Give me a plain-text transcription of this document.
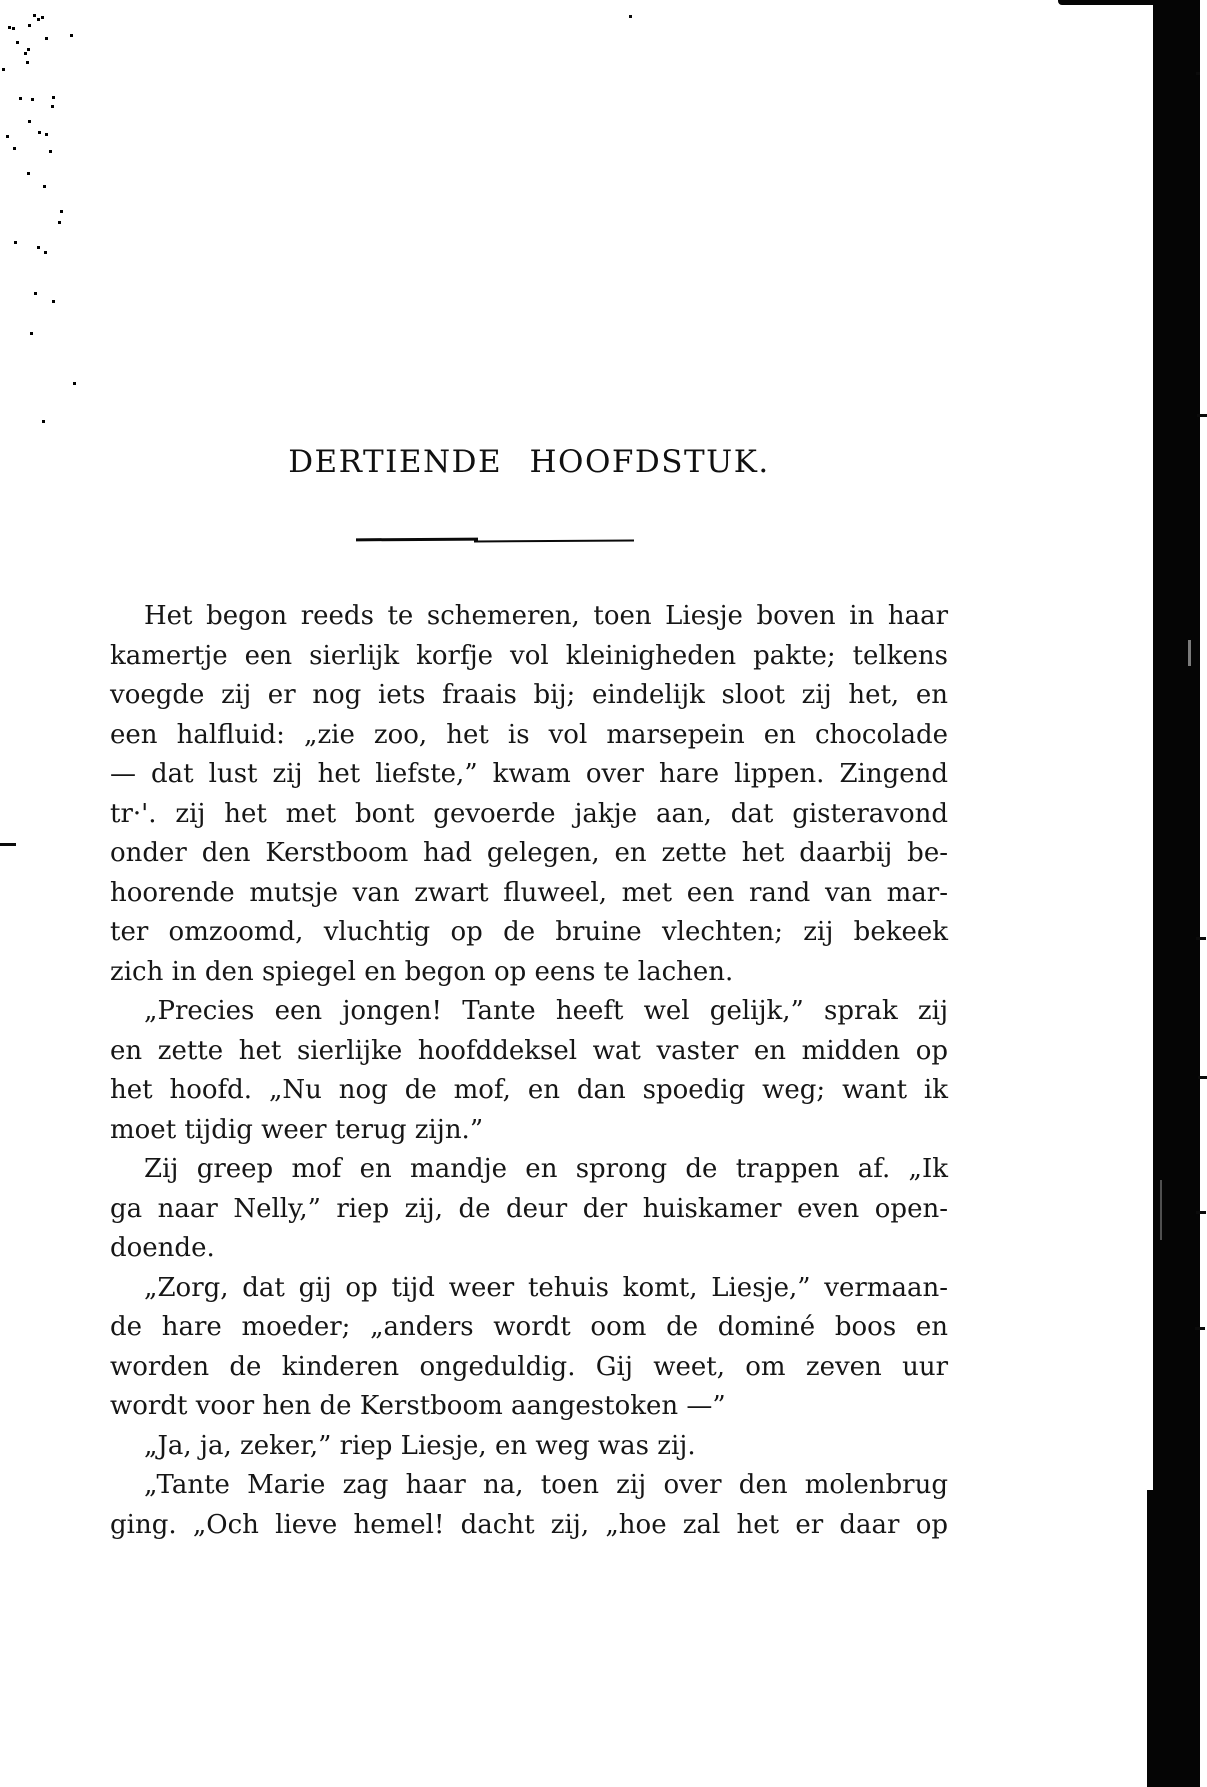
DERTIENDE HOOFDSTUK.
Het begon reeds te schemeren, toen Liesje boven in haar
kamertje een sierlijk korfje vol kleinigheden pakte; telkens
voegde zij er nog iets fraais bij; eindelijk sloot zij het, en
een halfluid: „zie zoo, het is vol marsepein en chocolade
— dat lust zij het liefste,” kwam over hare lippen. Zingend
tr·'. zij het met bont gevoerde jakje aan, dat gisteravond
onder den Kerstboom had gelegen, en zette het daarbij be-
hoorende mutsje van zwart fluweel, met een rand van mar-
ter omzoomd, vluchtig op de bruine vlechten; zij bekeek
zich in den spiegel en begon op eens te lachen.
„Precies een jongen! Tante heeft wel gelijk,” sprak zij
en zette het sierlijke hoofddeksel wat vaster en midden op
het hoofd. „Nu nog de mof, en dan spoedig weg; want ik
moet tijdig weer terug zijn.”
Zij greep mof en mandje en sprong de trappen af. „Ik
ga naar Nelly,” riep zij, de deur der huiskamer even open-
doende.
„Zorg, dat gij op tijd weer tehuis komt, Liesje,” vermaan-
de hare moeder; „anders wordt oom de dominé boos en
worden de kinderen ongeduldig. Gij weet, om zeven uur
wordt voor hen de Kerstboom aangestoken —”
„Ja, ja, zeker,” riep Liesje, en weg was zij.
„Tante Marie zag haar na, toen zij over den molenbrug
ging. „Och lieve hemel! dacht zij, „hoe zal het er daar op
